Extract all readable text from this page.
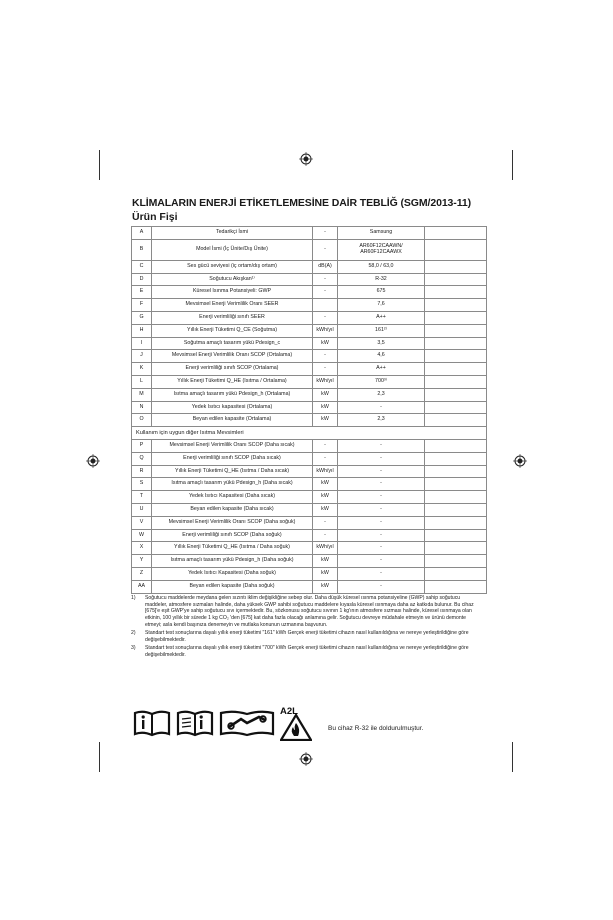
KLİMALARIN ENERJİ ETİKETLEMESİNE DAİR TEBLİĞ (SGM/2013-11)
Ürün Fişi
A	Tedarikçi İsmi	-	Samsung	
B	Model İsmi (İç Ünite/Dış Ünite)	-	AR60F12CAAWN/ AR60F12CAAWX	
C	Ses gücü seviyesi (iç ortam/dış ortam)	dB(A)	58,0 / 63,0	
D	Soğutucu Akışkan¹⁾	-	R-32	
E	Küresel Isınma Potansiyeli: GWP	-	675	
F	Mevsimsel Enerji Verimlilik Oranı SEER		7,6	
G	Enerji verimliliği sınıfı SEER	-	A++	
H	Yıllık Enerji Tüketimi Q_CE (Soğutma)	kWh/yıl	161²⁾	
I	Soğutma amaçlı tasarım yükü Pdesign_c	kW	3,5	
J	Mevsimsel Enerji Verimlilik Oranı SCOP (Ortalama)	-	4,6	
K	Enerji verimliliği sınıfı SCOP (Ortalama)	-	A++	
L	Yıllık Enerji Tüketimi Q_HE (Isıtma / Ortalama)	kWh/yıl	700³⁾	
M	Isıtma amaçlı tasarım yükü Pdesign_h (Ortalama)	kW	2,3	
N	Yedek Isıtıcı kapasitesi (Ortalama)	kW	-	
O	Beyan edilen kapasite (Ortalama)	kW	2,3	
Kullanım için uygun diğer Isıtma Mevsimleri				
P	Mevsimsel Enerji Verimlilik Oranı SCOP (Daha sıcak)	-	-	
Q	Enerji verimliliği sınıfı SCOP (Daha sıcak)	-	-	
R	Yıllık Enerji Tüketimi Q_HE (Isıtma / Daha sıcak)	kWh/yıl	-	
S	Isıtma amaçlı tasarım yükü Pdesign_h (Daha sıcak)	kW	-	
T	Yedek Isıtıcı Kapasitesi (Daha sıcak)	kW	-	
U	Beyan edilen kapasite (Daha sıcak)	kW	-	
V	Mevsimsel Enerji Verimlilik Oranı SCOP (Daha soğuk)	-	-	
W	Enerji verimliliği sınıfı SCOP (Daha soğuk)	-	-	
X	Yıllık Enerji Tüketimi Q_HE (Isıtma / Daha soğuk)	kWh/yıl	-	
Y	Isıtma amaçlı tasarım yükü Pdesign_h (Daha soğuk)	kW	-	
Z	Yedek Isıtıcı Kapasitesi (Daha soğuk)	kW	-	
AA	Beyan edilen kapasite (Daha soğuk)	kW	-	
1)	Soğutucu maddelerde meydana gelen sızıntı iklim değişikliğine sebep olur. Daha düşük küresel ısınma potansiyeline (GWP) sahip soğutucu maddeler, atmosfere sızmaları halinde, daha yüksek GWP sahibi soğutucu maddelere kıyasla küresel ısınmaya daha az katkıda bulunur. Bu cihaz [675]'e eşit GWP'ye sahip soğutucu sıvı içermektedir. Bu, sözkonusu soğutucu sıvının 1 kg'ının atmosfere sızması halinde, küresel ısınmaya olan etkinin, 100 yıllık bir sürede 1 kg CO₂ 'den [675] kat daha fazla olacağı anlamına gelir. Soğutucu devreye müdahale etmeyin ve ürünü demonte etmeyi; asla kendi başınıza denemeyin ve mutlaka konunun uzmanına başvurun.
2)	Standart test sonuçlarına dayalı yıllık enerji tüketimi "161" kWh Gerçek enerji tüketimi cihazın nasıl kullanıldığına ve nereye yerleştirildiğine göre değişebilmektedir.
3)	Standart test sonuçlarına dayalı yıllık enerji tüketimi "700" kWh Gerçek enerji tüketimi cihazın nasıl kullanıldığına ve nereye yerleştirildiğine göre değişebilmektedir.
A2L
Bu cihaz R-32 ile doldurulmuştur.
